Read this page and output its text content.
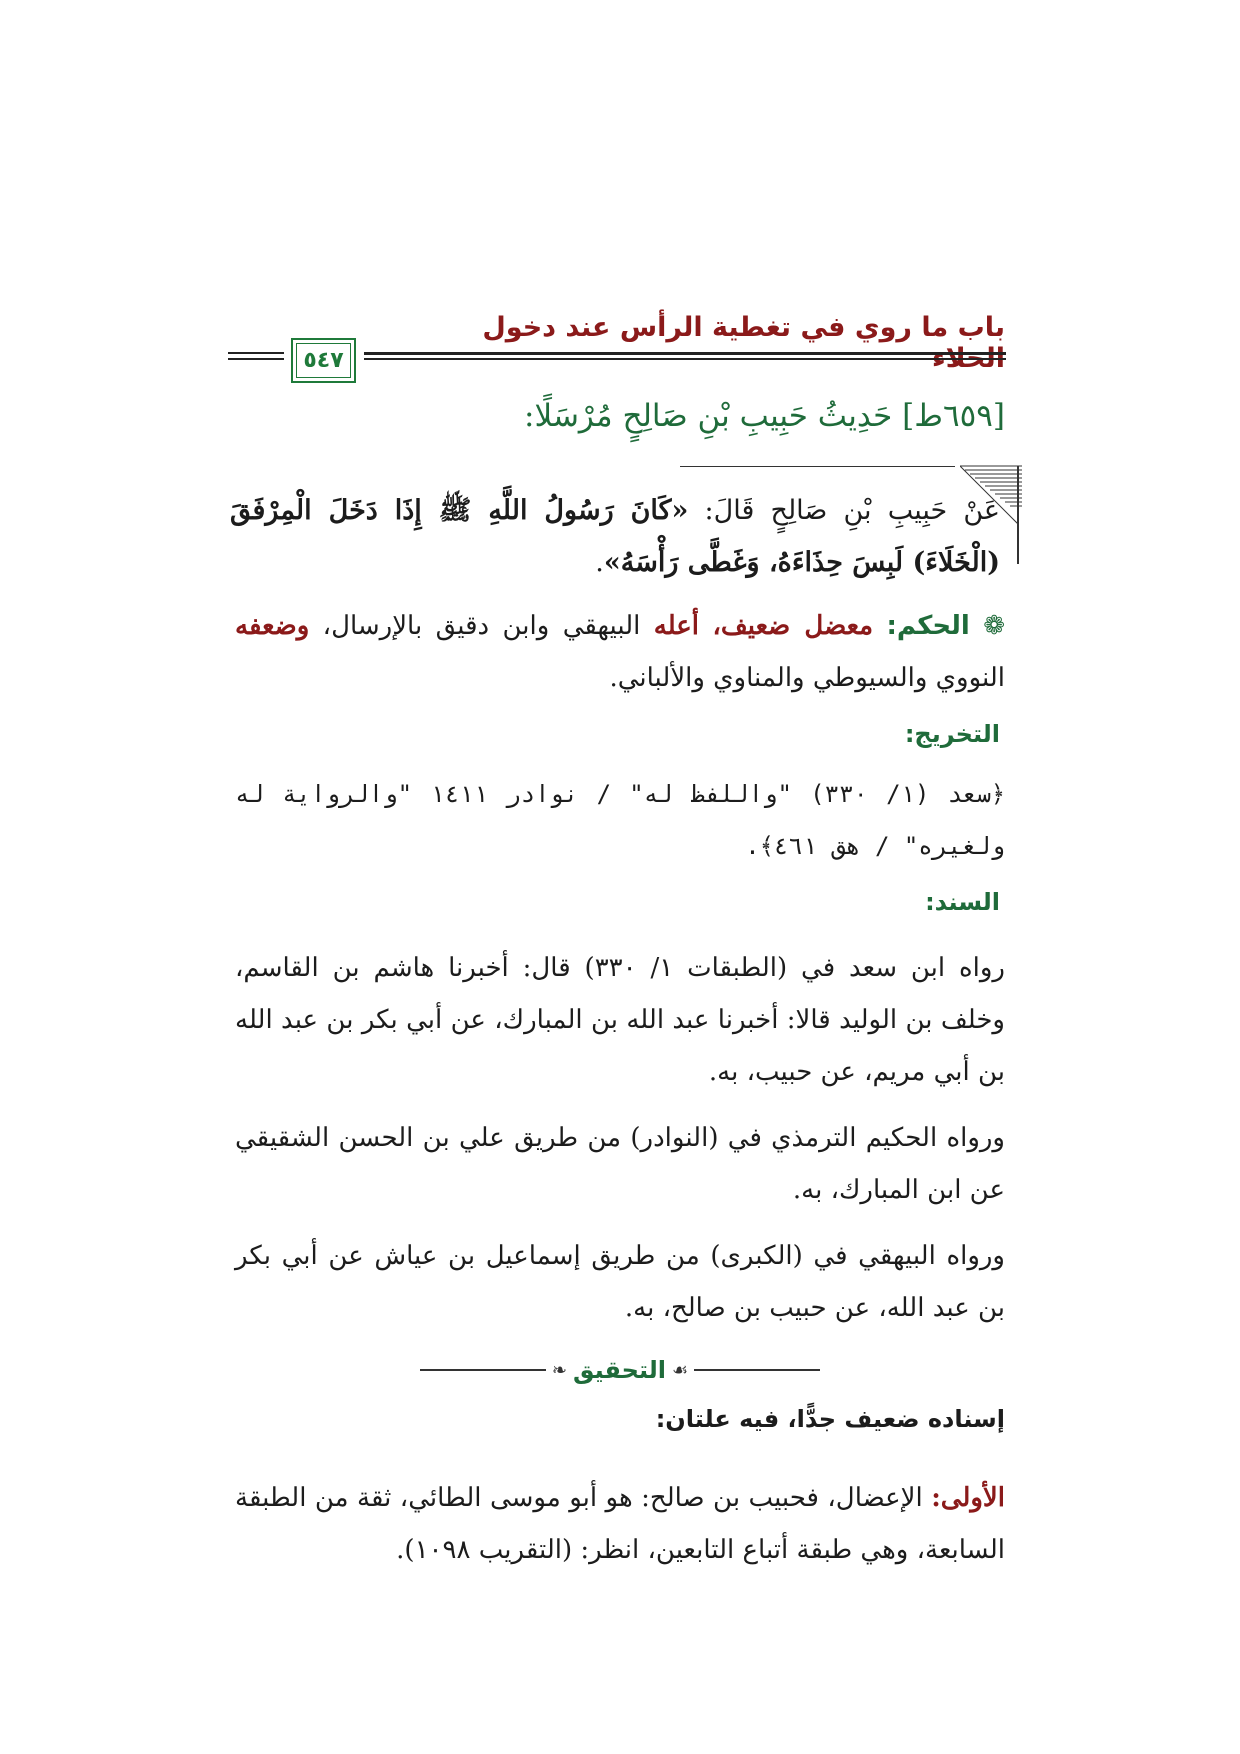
باب ما روي في تغطية الرأس عند دخول الخلاء
٥٤٧
[٦٥٩ط] حَدِيثُ حَبِيبِ بْنِ صَالِحٍ مُرْسَلًا:
عَنْ حَبِيبِ بْنِ صَالِحٍ قَالَ: «كَانَ رَسُولُ اللَّهِ ﷺ إِذَا دَخَلَ الْمِرْفَقَ (الْخَلَاءَ) لَبِسَ حِذَاءَهُ، وَغَطَّى رَأْسَهُ».
❁ الحكم: معضل ضعيف، أعله البيهقي وابن دقيق بالإرسال، وضعفه النووي والسيوطي والمناوي والألباني.
التخريج:
﴿سعد (١/ ٣٣٠) "واللفظ له" / نوادر ١٤١١ "والرواية له ولغيره" / هق ٤٦١﴾.
السند:
رواه ابن سعد في (الطبقات ١/ ٣٣٠) قال: أخبرنا هاشم بن القاسم، وخلف بن الوليد قالا: أخبرنا عبد الله بن المبارك، عن أبي بكر بن عبد الله بن أبي مريم، عن حبيب، به.
ورواه الحكيم الترمذي في (النوادر) من طريق علي بن الحسن الشقيقي عن ابن المبارك، به.
ورواه البيهقي في (الكبرى) من طريق إسماعيل بن عياش عن أبي بكر بن عبد الله، عن حبيب بن صالح، به.
❧ التحقيق ☙
إسناده ضعيف جدًّا، فيه علتان:
الأولى: الإعضال، فحبيب بن صالح: هو أبو موسى الطائي، ثقة من الطبقة السابعة، وهي طبقة أتباع التابعين، انظر: (التقريب ١٠٩٨).
